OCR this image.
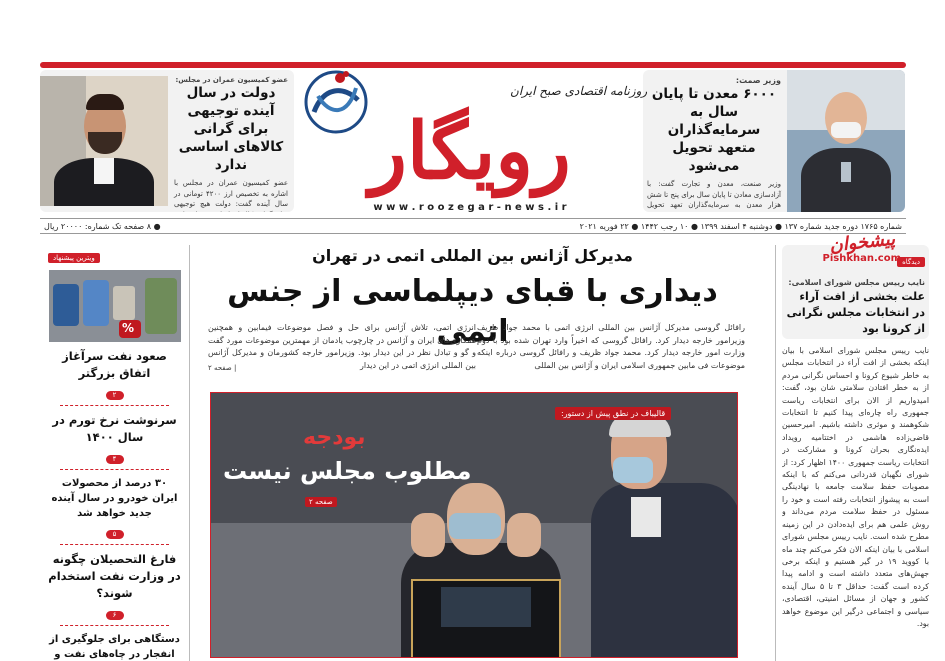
وزیر صمت:
۶۰۰۰ معدن تا پایان سال به سرمایه‌گذاران متعهد تحویل می‌شود
وزیر صنعت، معدن و تجارت گفت: با آزادسازی معادن تا پایان سال برای پنج تا شش هزار معدن به سرمایه‌گذاران تعهد تحویل
عضو کمیسیون عمران در مجلس:
دولت در سال آینده توجیهی برای گرانی کالاهای اساسی ندارد
عضو کمیسیون عمران در مجلس با اشاره به تخصیص ارز ۴۲۰۰ تومانی در سال آینده گفت: دولت هیچ توجیهی
روزنامه اقتصادی صبح ایران
رویگار
w w w . r o o z e g a r - n e w s . i r
شماره ۱۷۶۵ دوره جدید شماره ۱۳۷ ● دوشنبه ۴ اسفند ۱۳۹۹ ● ۱۰ رجب ۱۴۴۲ ● ۲۲ فوریه ۲۰۲۱
● ۸ صفحه تک شماره: ۲۰۰۰۰ ریال
دیدگاه
نایب رییس مجلس شورای اسلامی:
علت بخشی از افت آراء در انتخابات مجلس نگرانی از کرونا بود
نایب رییس مجلس شورای اسلامی با بیان اینکه بخشی از افت آراء در انتخابات مجلس به خاطر شیوع کرونا و احساس نگرانی مردم از به خطر افتادن سلامتی شان بود، گفت: امیدواریم از الان برای انتخابات ریاست جمهوری راه چاره‌ای پیدا کنیم تا انتخابات شکوهمند و موثری داشته باشیم. امیرحسین قاضی‌زاده هاشمی در اختتامیه رویداد ایده‌نگاری بحران کرونا و مشارکت در انتخابات ریاست جمهوری ۱۴۰۰ اظهار کرد: از شورای نگهبان قدردانی می‌کنم که با اینکه مصوبات حفظ سلامت جامعه با نهادینگی است به پیشواز انتخابات رفته است و خود را مسئول در حفظ سلامت مردم می‌داند و روش علمی هم برای ایده‌دادن در این زمینه مطرح شده است. نایب رییس مجلس شورای اسلامی با بیان اینکه الان فکر می‌کنم چند ماه با کووید ۱۹ در گیر هستیم و اینکه برخی جهش‌های متعدد داشته است و ادامه پیدا کرده است گفت: حداقل ۳ تا ۵ سال آینده کشور و جهان از مسائل امنیتی، اقتصادی، سیاسی و اجتماعی درگیر این موضوع خواهد بود.
پیشخوان
Pishkhan.com
مدیرکل آژانس بین المللی اتمی در تهران
دیداری با قبای دیپلماسی از جنس اتمی
رافائل گروسی مدیرکل آژانس بین المللی انرژی اتمی با محمد جواد ظریف وزیرامور خارجه دیدار کرد. رافائل گروسی که اخیراً وارد تهران شده بود با دوم وزارت امور خارجه دیدار کرد. محمد جواد ظریف و رافائل گروسی درباره اینکه موضوعات فی مابین جمهوری اسلامی ایران و آژانس بین المللی
انرژی اتمی، تلاش آژانس برای حل و فصل موضوعات فیمابین و همچنین همکاری‌های ایران و آژانس در چارچوب یادمان از مهمترین موضوعات مورد گفت و گو و تبادل نظر در این دیدار بود. وزیرامور خارجه کشورمان و مدیرکل آژانس بین المللی انرژی اتمی در این دیدار
| صفحه ۲
قالیباف در نطق پیش از دستور:
بودجه
مطلوب مجلس نیست
صفحه ۲
ویترین پیشنهاد
%
صعود نفت سرآغاز اتفاق بزرگتر
۲
سرنوشت نرخ تورم در سال ۱۴۰۰
۴
۳۰ درصد از محصولات ایران خودرو در سال آینده جدید خواهد شد
۵
فارغ التحصیلان چگونه در وزارت نفت استخدام شوند؟
۶
دستگاهی برای جلوگیری از انفجار در چاه‌های نفت و
